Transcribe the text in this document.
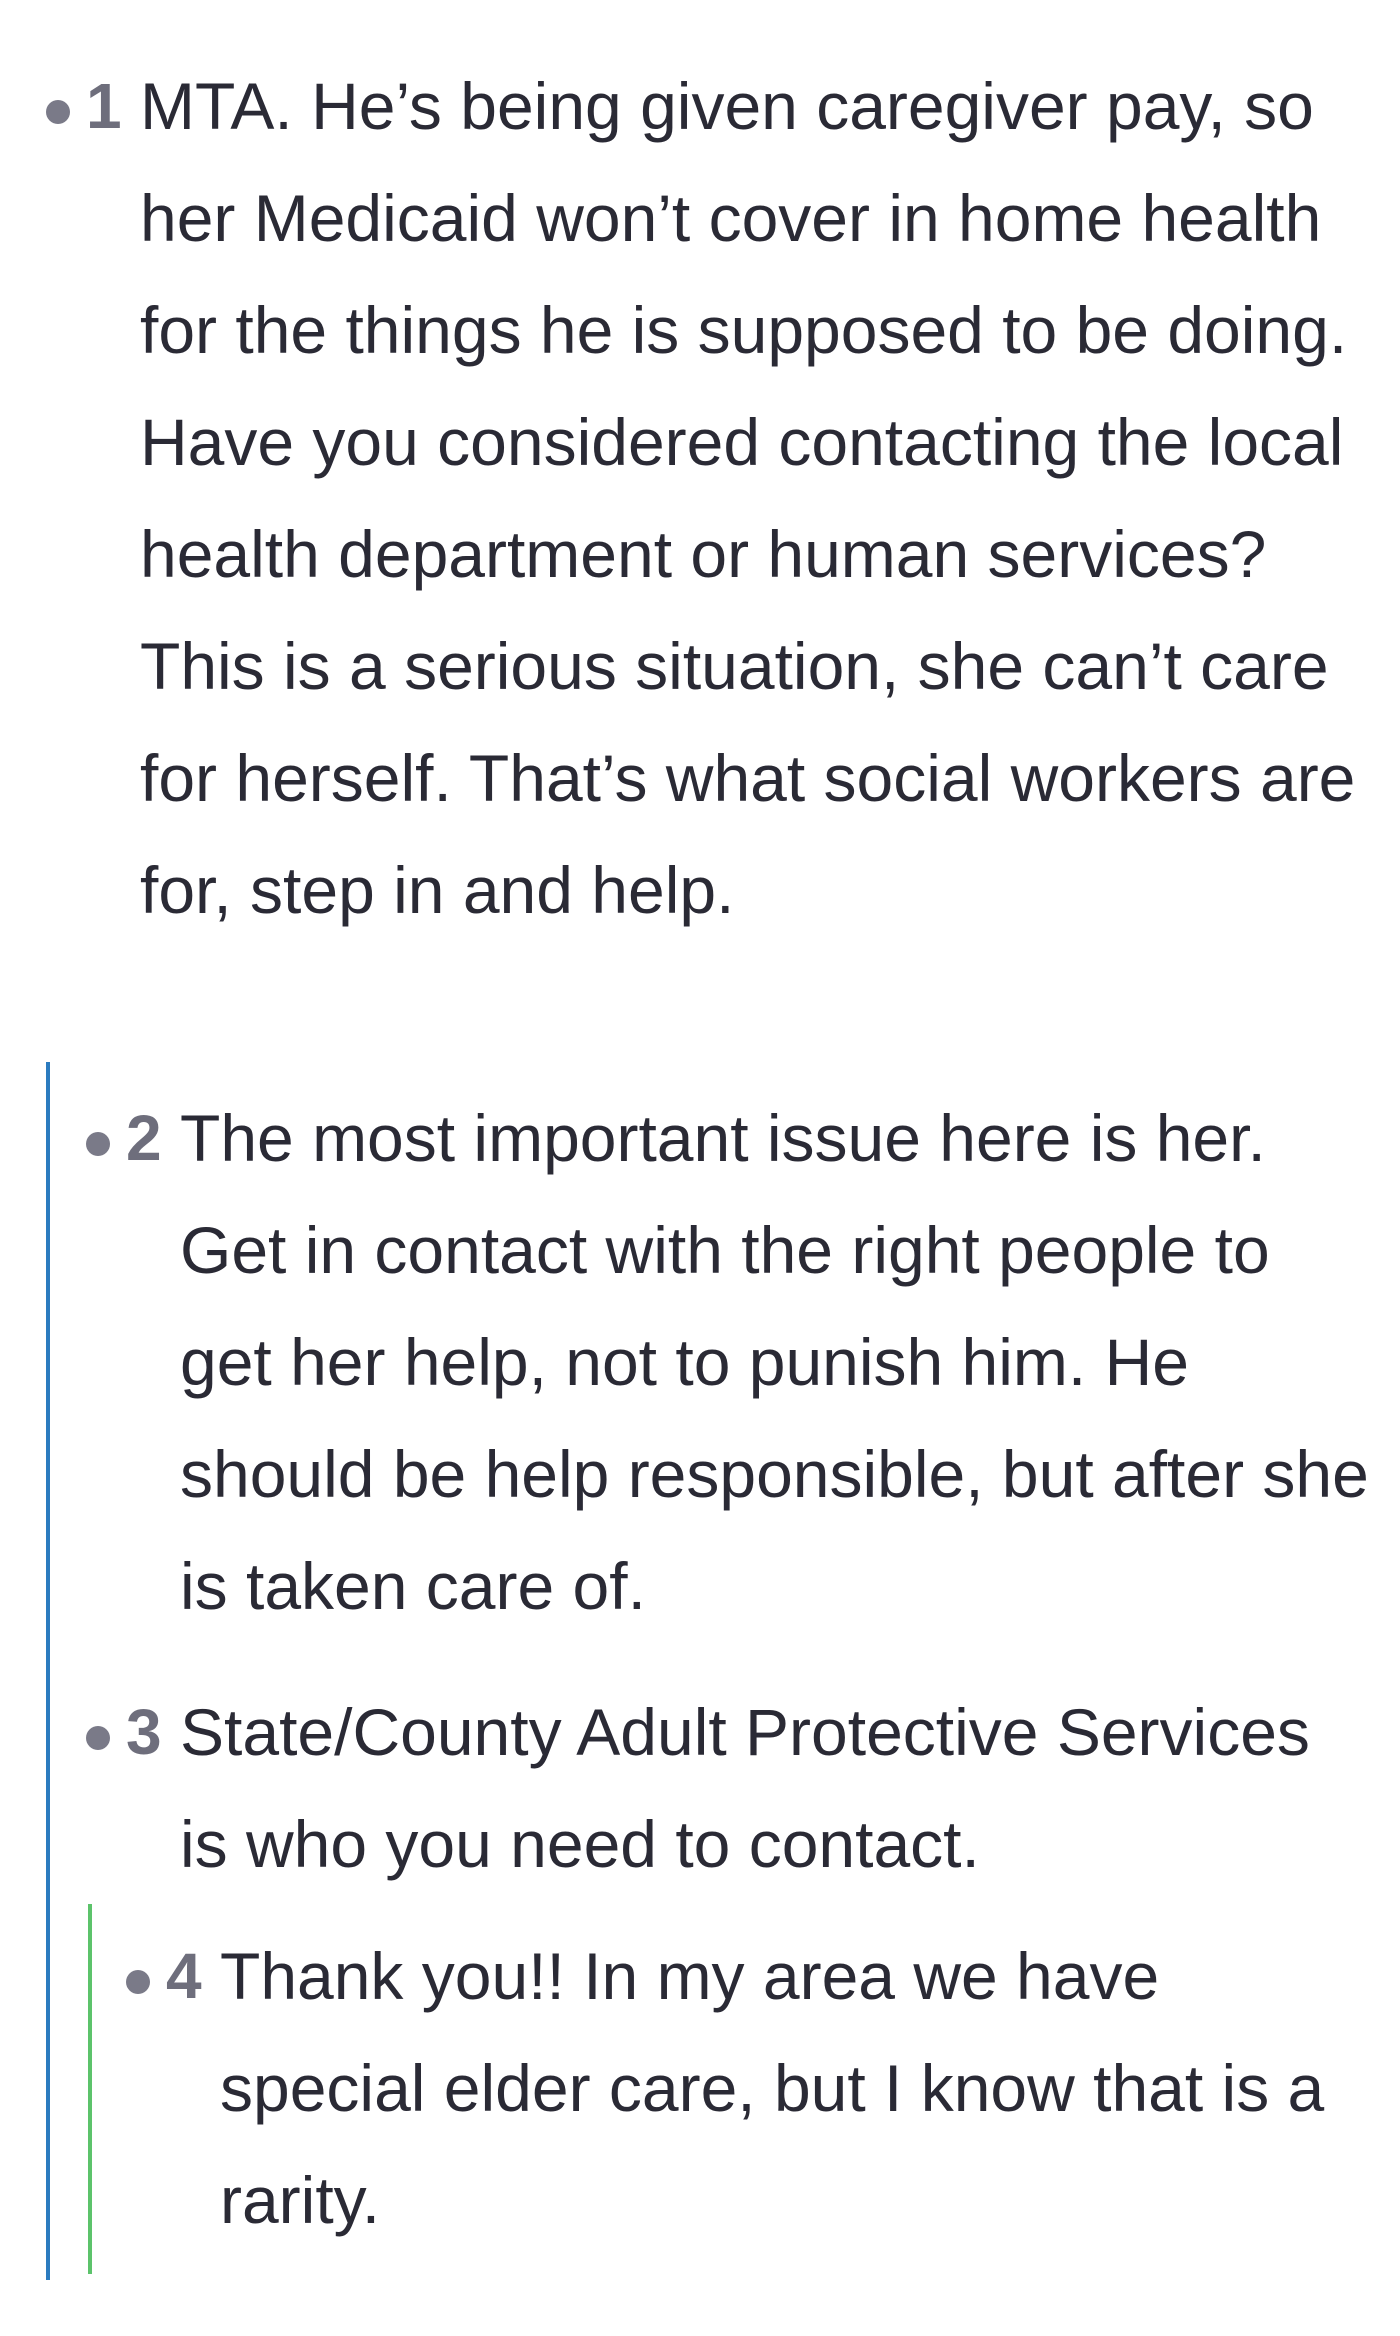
1 MTA. He’s being given caregiver pay, so her Medicaid won’t cover in home health for the things he is supposed to be doing. Have you considered contacting the local health department or human services? This is a serious situation, she can’t care for herself. That’s what social workers are for, step in and help.
2 The most important issue here is her. Get in contact with the right people to get her help, not to punish him. He should be help responsible, but after she is taken care of.
3 State/County Adult Protective Services is who you need to contact.
4 Thank you!! In my area we have special elder care, but I know that is a rarity.
